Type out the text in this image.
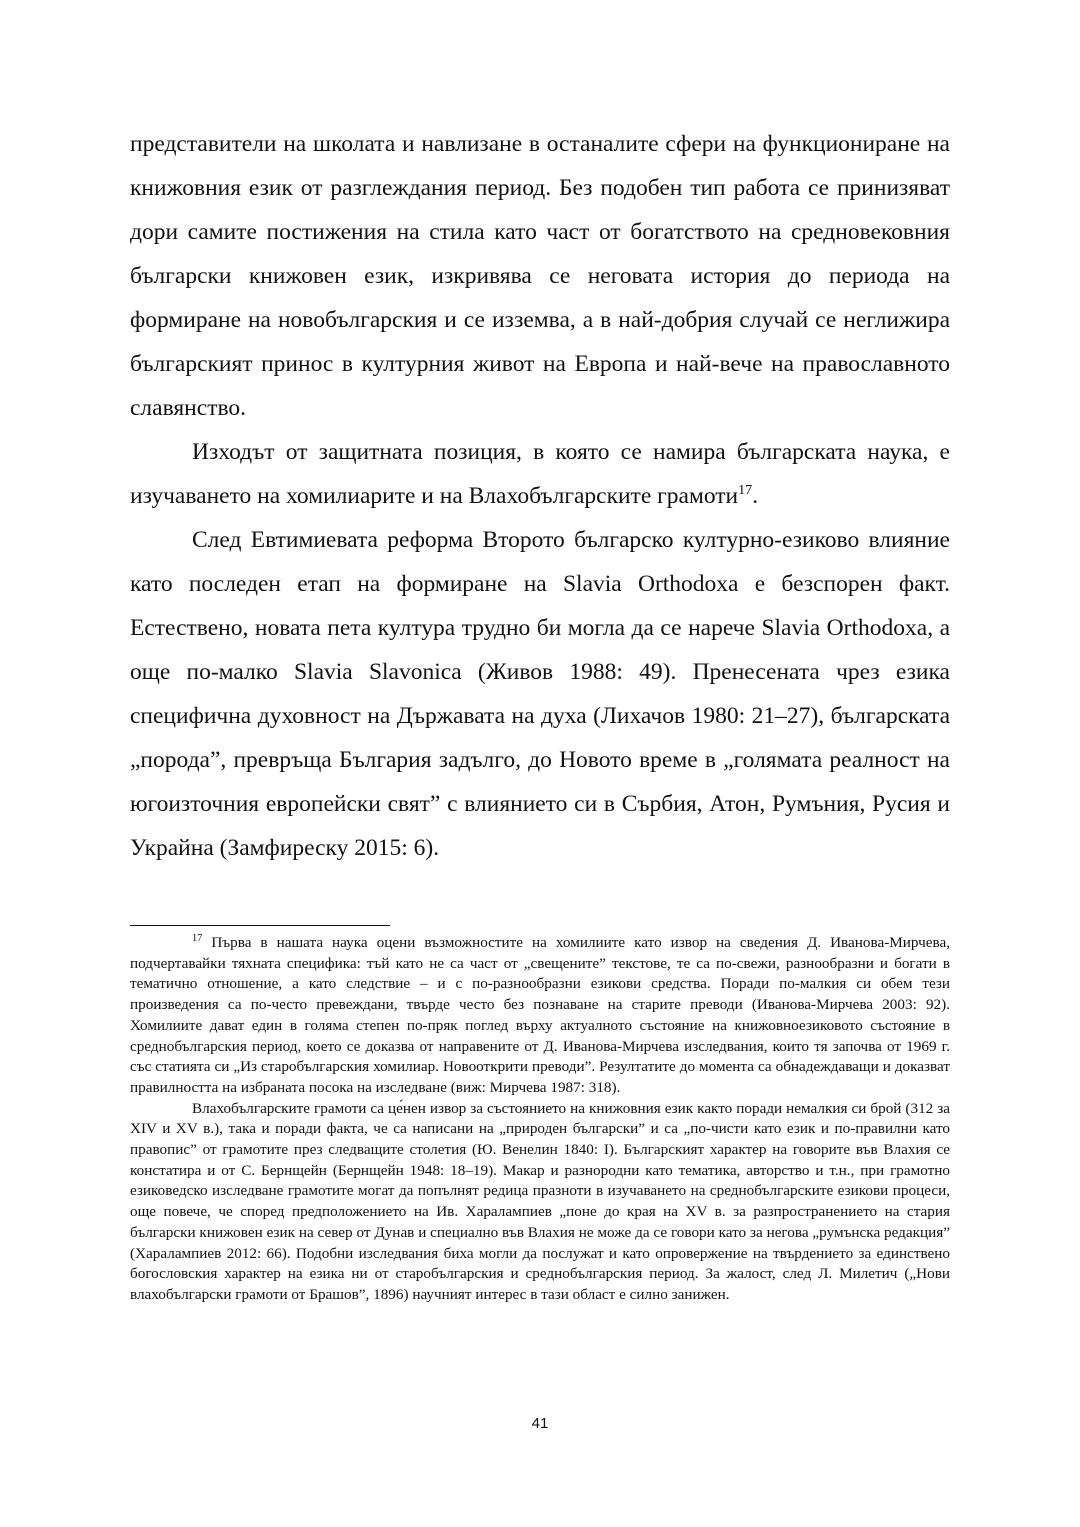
представители на школата и навлизане в останалите сфери на функциониране на книжовния език от разглеждания период. Без подобен тип работа се принизяват дори самите постижения на стила като част от богатството на средновековния български книжовен език, изкривява се неговата история до периода на формиране на новобългарския и се изземва, а в най-добрия случай се неглижира българският принос в културния живот на Европа и най-вече на православното славянство.

Изходът от защитната позиция, в която се намира българската наука, е изучаването на хомилиарите и на Влахобългарските грамоти$^{17}$.

След Евтимиевата реформа Второто българско културно-езиково влияние като последен етап на формиране на Slavia Orthodoxa е безспорен факт. Естествено, новата пета култура трудно би могла да се нарече Slavia Orthodoxa, а още по-малко Slavia Slavonica (Живов 1988: 49). Пренесената чрез езика специфична духовност на Държавата на духа (Лихачов 1980: 21–27), българската „порода”, превръща България задълго, до Новото време в „голямата реалност на югоизточния европейски свят” с влиянието си в Сърбия, Атон, Румъния, Русия и Украйна (Замфиреску 2015: 6).

$^{17}$ Първа в нашата наука оцени възможностите на хомилиите като извор на сведения Д. Иванова-Мирчева, подчертавайки тяхната специфика: тъй като не са част от „свещените” текстове, те са по-свежи, разнообразни и богати в тематично отношение, а като следствие – и с по-разнообразни езикови средства. Поради по-малкия си обем тези произведения са по-често превеждани, твърде често без познаване на старите преводи (Иванова-Мирчева 2003: 92). Хомилиите дават един в голяма степен по-пряк поглед върху актуалното състояние на книжовноезиковото състояние в среднобългарския период, което се доказва от направените от Д. Иванова-Мирчева изследвания, които тя започва от 1969 г. със статията си „Из старобългарския хомилиар. Новооткрити преводи”. Резултатите до момента са обнадеждаващи и доказват правилността на избраната посока на изследване (виж: Мирчева 1987: 318).

Влахобългарските грамоти са це́нен извор за състоянието на книжовния език както поради немалкия си брой (312 за XIV и XV в.), така и поради факта, че са написани на „природен български” и са „по-чисти като език и по-правилни като правопис” от грамотите през следващите столетия (Ю. Венелин 1840: I). Българският характер на говорите във Влахия се констатира и от С. Бернщейн (Бернщейн 1948: 18–19). Макар и разнородни като тематика, авторство и т.н., при грамотно езиковедско изследване грамотите могат да попълнят редица празноти в изучаването на среднобългарските езикови процеси, още повече, че според предположението на Ив. Харалампиев „поне до края на XV в. за разпространението на стария български книжовен език на север от Дунав и специално във Влахия не може да се говори като за негова „румънска редакция” (Харалампиев 2012: 66). Подобни изследвания биха могли да послужат и като опровержение на твърдението за единствено богословския характер на езика ни от старобългарския и среднобългарския период. За жалост, след Л. Милетич („Нови влахобългарски грамоти от Брашов”, 1896) научният интерес в тази област е силно занижен.

41
